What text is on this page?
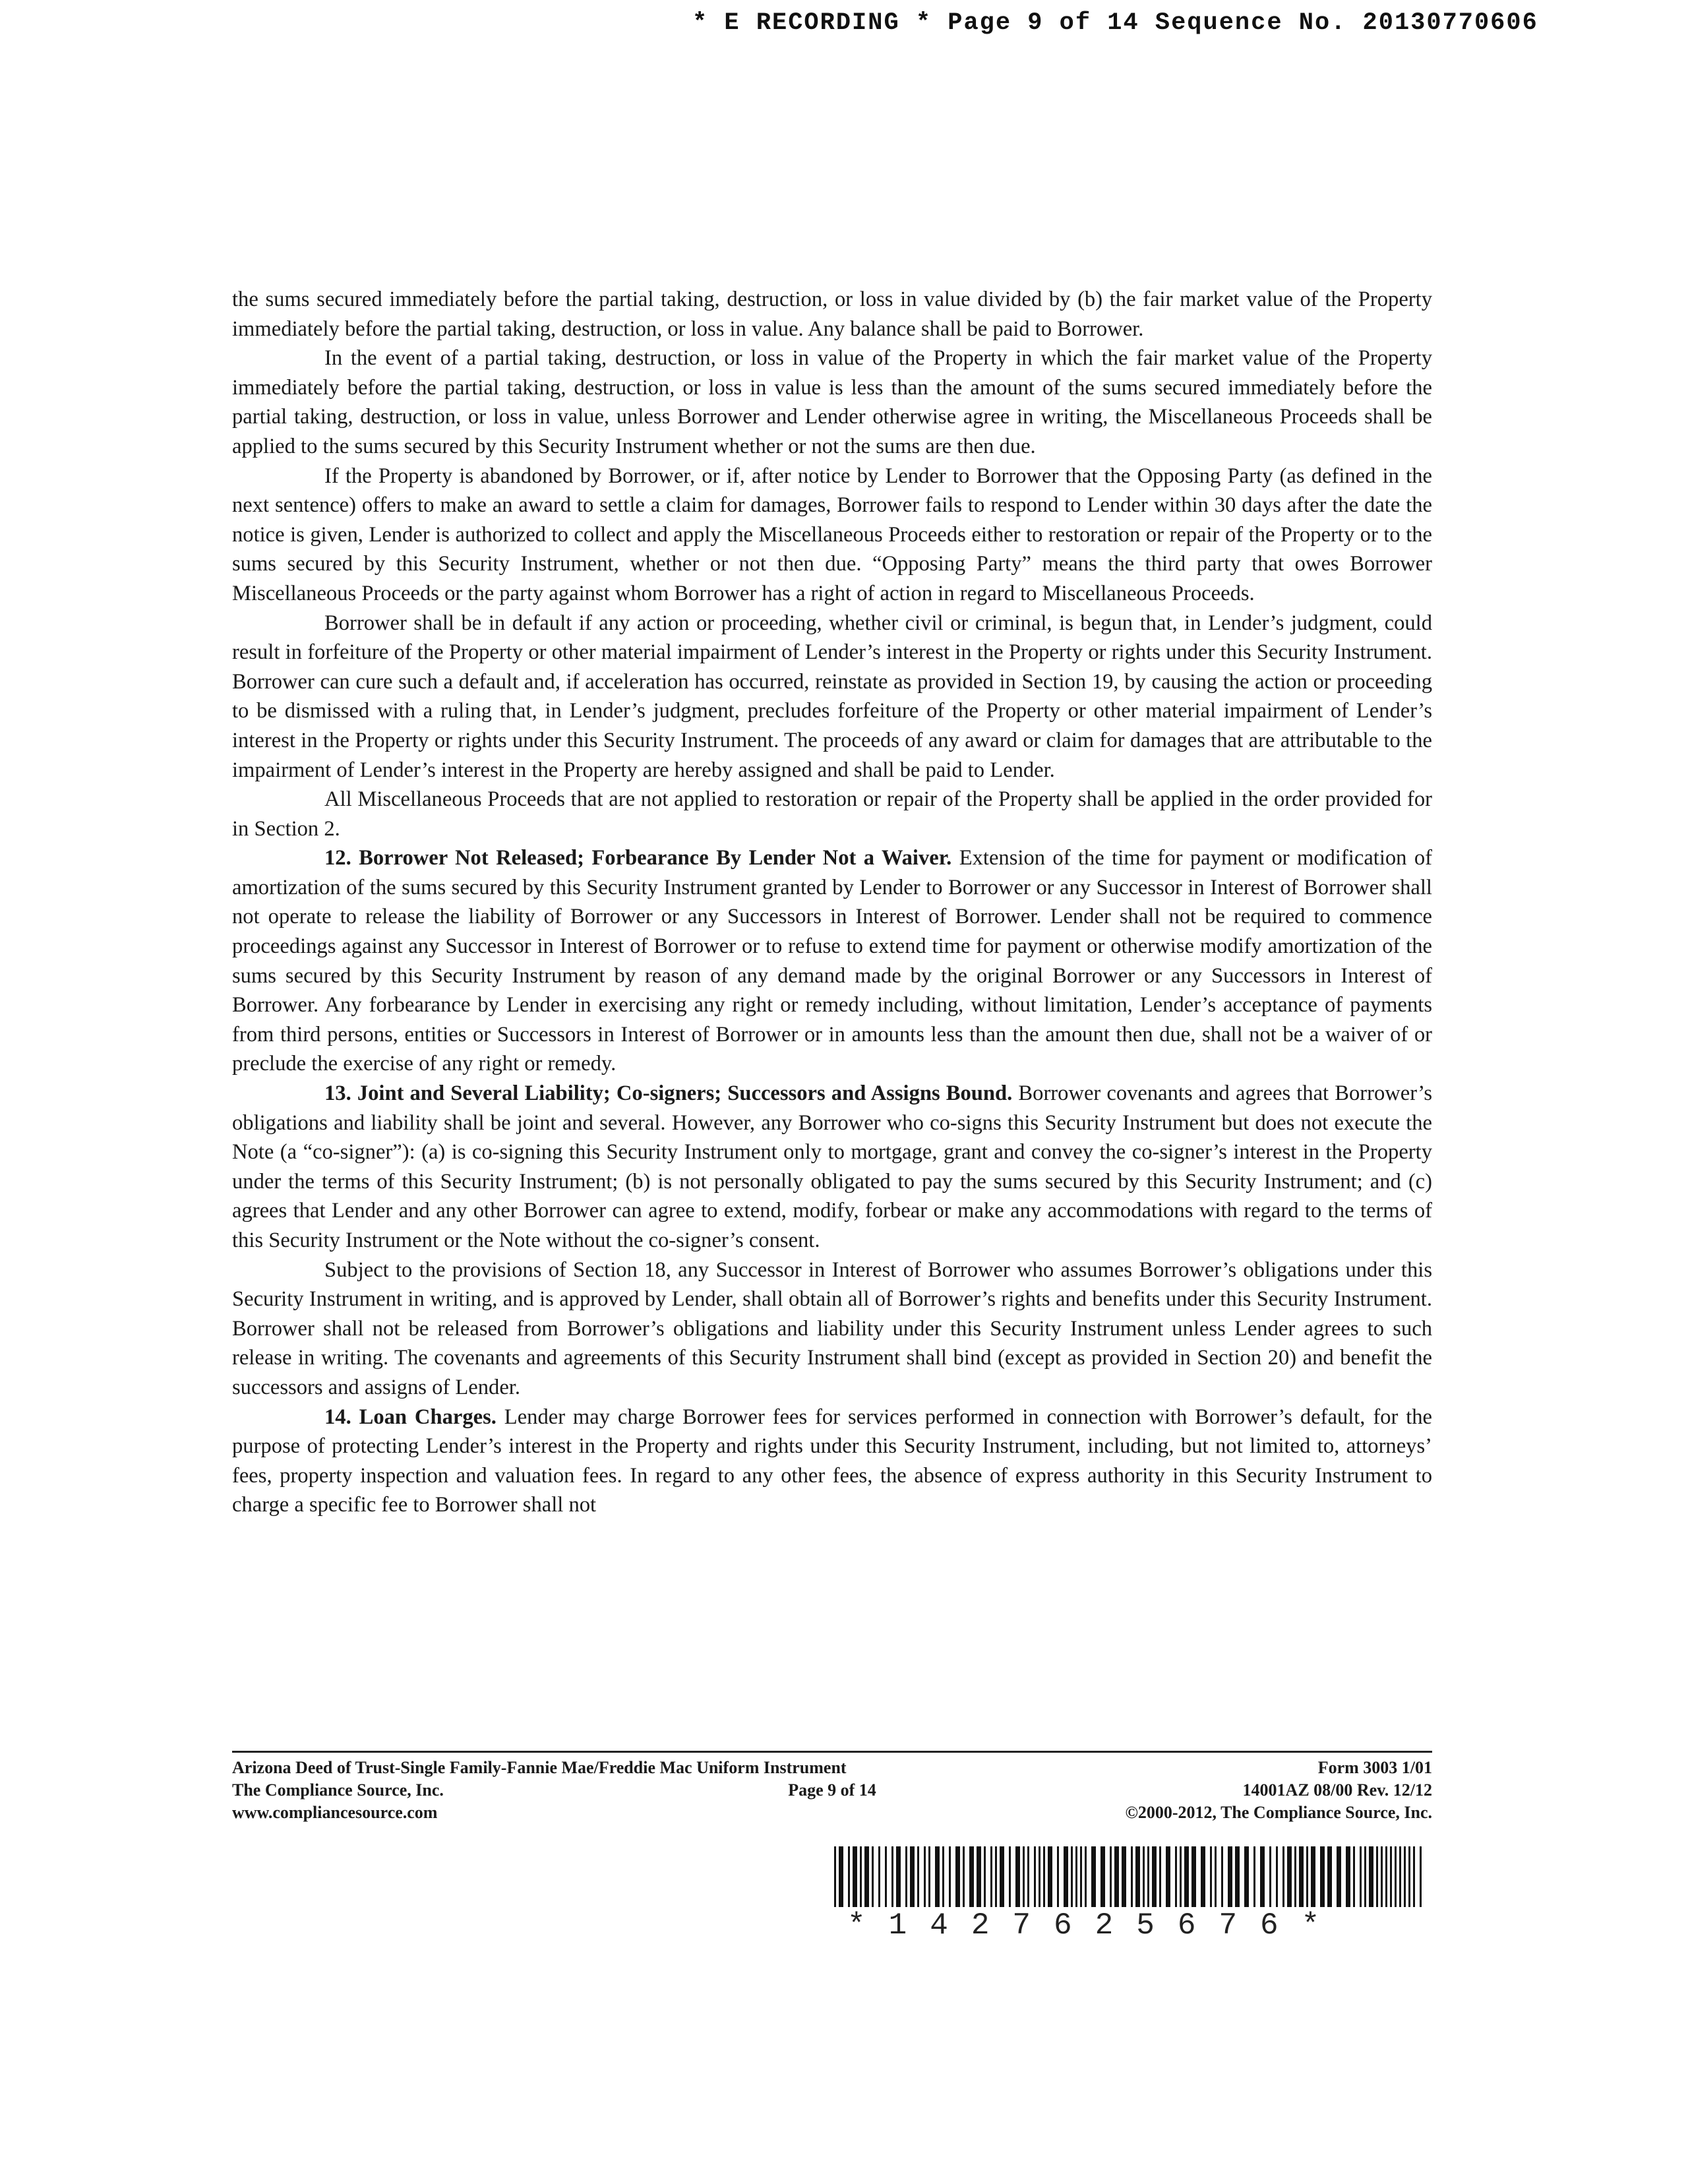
* E RECORDING * Page 9 of 14 Sequence No. 20130770606

the sums secured immediately before the partial taking, destruction, or loss in value divided by (b) the fair market value of the Property immediately before the partial taking, destruction, or loss in value. Any balance shall be paid to Borrower.

In the event of a partial taking, destruction, or loss in value of the Property in which the fair market value of the Property immediately before the partial taking, destruction, or loss in value is less than the amount of the sums secured immediately before the partial taking, destruction, or loss in value, unless Borrower and Lender otherwise agree in writing, the Miscellaneous Proceeds shall be applied to the sums secured by this Security Instrument whether or not the sums are then due.

If the Property is abandoned by Borrower, or if, after notice by Lender to Borrower that the Opposing Party (as defined in the next sentence) offers to make an award to settle a claim for damages, Borrower fails to respond to Lender within 30 days after the date the notice is given, Lender is authorized to collect and apply the Miscellaneous Proceeds either to restoration or repair of the Property or to the sums secured by this Security Instrument, whether or not then due. “Opposing Party” means the third party that owes Borrower Miscellaneous Proceeds or the party against whom Borrower has a right of action in regard to Miscellaneous Proceeds.

Borrower shall be in default if any action or proceeding, whether civil or criminal, is begun that, in Lender’s judgment, could result in forfeiture of the Property or other material impairment of Lender’s interest in the Property or rights under this Security Instrument. Borrower can cure such a default and, if acceleration has occurred, reinstate as provided in Section 19, by causing the action or proceeding to be dismissed with a ruling that, in Lender’s judgment, precludes forfeiture of the Property or other material impairment of Lender’s interest in the Property or rights under this Security Instrument. The proceeds of any award or claim for damages that are attributable to the impairment of Lender’s interest in the Property are hereby assigned and shall be paid to Lender.

All Miscellaneous Proceeds that are not applied to restoration or repair of the Property shall be applied in the order provided for in Section 2.

12. Borrower Not Released; Forbearance By Lender Not a Waiver. Extension of the time for payment or modification of amortization of the sums secured by this Security Instrument granted by Lender to Borrower or any Successor in Interest of Borrower shall not operate to release the liability of Borrower or any Successors in Interest of Borrower. Lender shall not be required to commence proceedings against any Successor in Interest of Borrower or to refuse to extend time for payment or otherwise modify amortization of the sums secured by this Security Instrument by reason of any demand made by the original Borrower or any Successors in Interest of Borrower. Any forbearance by Lender in exercising any right or remedy including, without limitation, Lender’s acceptance of payments from third persons, entities or Successors in Interest of Borrower or in amounts less than the amount then due, shall not be a waiver of or preclude the exercise of any right or remedy.

13. Joint and Several Liability; Co-signers; Successors and Assigns Bound. Borrower covenants and agrees that Borrower’s obligations and liability shall be joint and several. However, any Borrower who co-signs this Security Instrument but does not execute the Note (a “co-signer”): (a) is co-signing this Security Instrument only to mortgage, grant and convey the co-signer’s interest in the Property under the terms of this Security Instrument; (b) is not personally obligated to pay the sums secured by this Security Instrument; and (c) agrees that Lender and any other Borrower can agree to extend, modify, forbear or make any accommodations with regard to the terms of this Security Instrument or the Note without the co-signer’s consent.

Subject to the provisions of Section 18, any Successor in Interest of Borrower who assumes Borrower’s obligations under this Security Instrument in writing, and is approved by Lender, shall obtain all of Borrower’s rights and benefits under this Security Instrument. Borrower shall not be released from Borrower’s obligations and liability under this Security Instrument unless Lender agrees to such release in writing. The covenants and agreements of this Security Instrument shall bind (except as provided in Section 20) and benefit the successors and assigns of Lender.

14. Loan Charges. Lender may charge Borrower fees for services performed in connection with Borrower’s default, for the purpose of protecting Lender’s interest in the Property and rights under this Security Instrument, including, but not limited to, attorneys’ fees, property inspection and valuation fees. In regard to any other fees, the absence of express authority in this Security Instrument to charge a specific fee to Borrower shall not

Arizona Deed of Trust-Single Family-Fannie Mae/Freddie Mac Uniform Instrument	Form 3003 1/01
The Compliance Source, Inc.	Page 9 of 14	14001AZ 08/00 Rev. 12/12
www.compliancesource.com	©2000-2012, The Compliance Source, Inc.
*1427625676*
